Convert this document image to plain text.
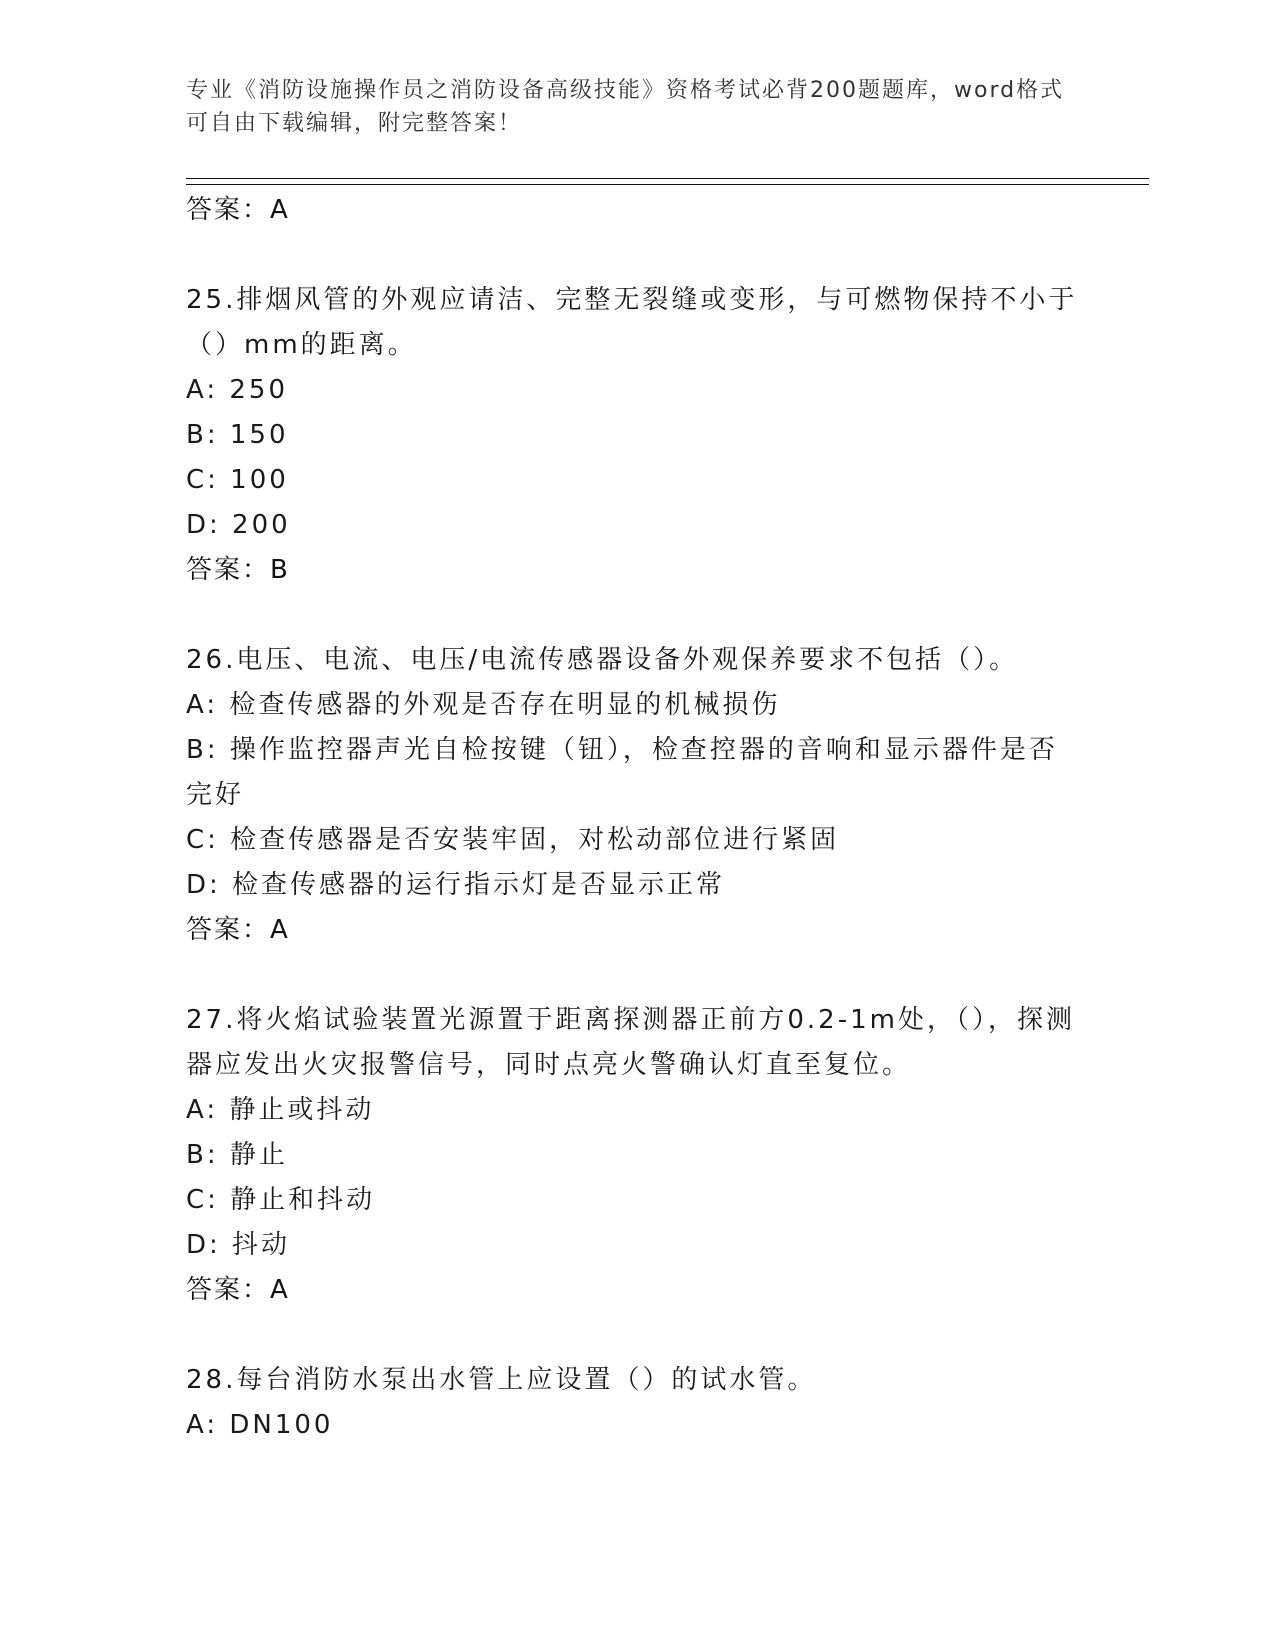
专业《消防设施操作员之消防设备高级技能》资格考试必背200题题库，word格式可自由下载编辑，附完整答案！
答案：A
25.排烟风管的外观应请洁、完整无裂缝或变形，与可燃物保持不小于（）mm的距离。
A: 250
B: 150
C: 100
D: 200
答案：B
26.电压、电流、电压/电流传感器设备外观保养要求不包括（）。
A: 检查传感器的外观是否存在明显的机械损伤
B: 操作监控器声光自检按键（钮），检查控器的音响和显示器件是否完好
C: 检查传感器是否安装牢固，对松动部位进行紧固
D: 检查传感器的运行指示灯是否显示正常
答案：A
27.将火焰试验装置光源置于距离探测器正前方0.2-1m处，（），探测器应发出火灾报警信号，同时点亮火警确认灯直至复位。
A: 静止或抖动
B: 静止
C: 静止和抖动
D: 抖动
答案：A
28.每台消防水泵出水管上应设置（）的试水管。
A: DN100
